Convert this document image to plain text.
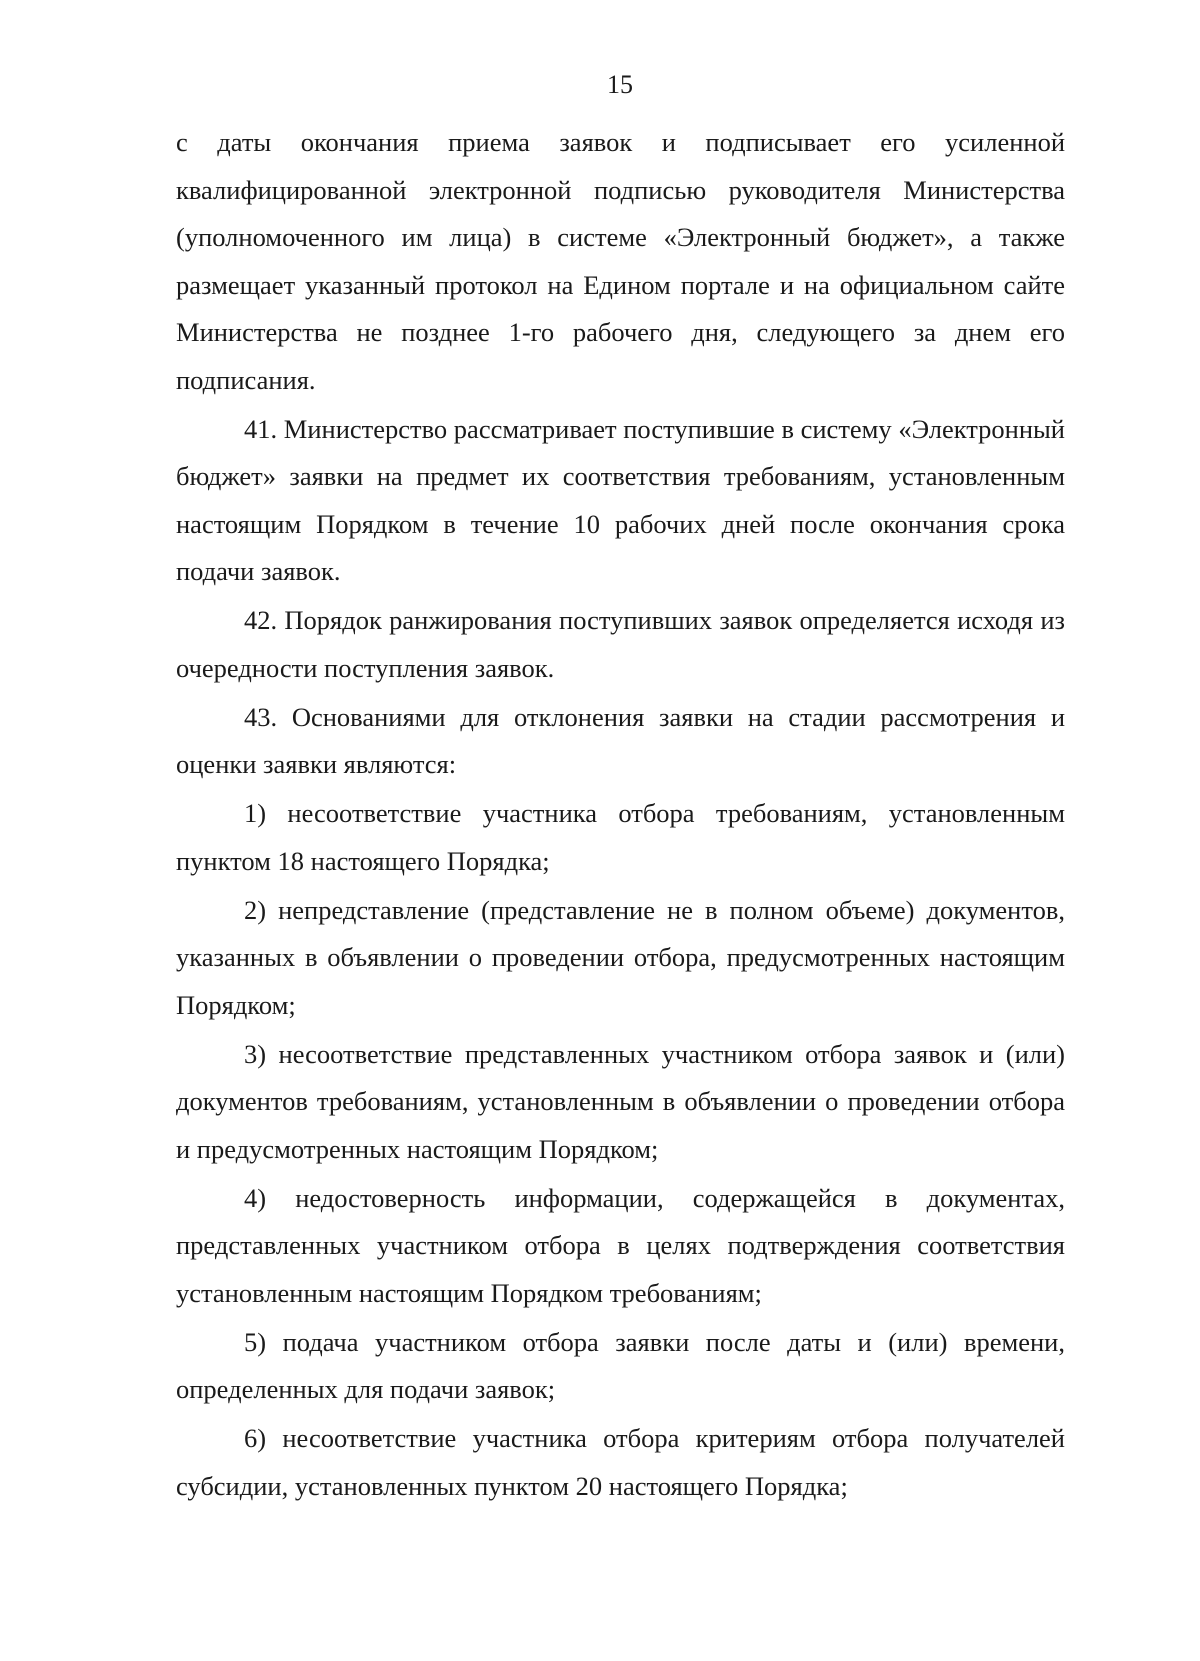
15

с даты окончания приема заявок и подписывает его усиленной квалифицированной электронной подписью руководителя Министерства (уполномоченного им лица) в системе «Электронный бюджет», а также размещает указанный протокол на Едином портале и на официальном сайте Министерства не позднее 1-го рабочего дня, следующего за днем его подписания.

41. Министерство рассматривает поступившие в систему «Электронный бюджет» заявки на предмет их соответствия требованиям, установленным настоящим Порядком в течение 10 рабочих дней после окончания срока подачи заявок.

42. Порядок ранжирования поступивших заявок определяется исходя из очередности поступления заявок.

43. Основаниями для отклонения заявки на стадии рассмотрения и оценки заявки являются:

1) несоответствие участника отбора требованиям, установленным пунктом 18 настоящего Порядка;

2) непредставление (представление не в полном объеме) документов, указанных в объявлении о проведении отбора, предусмотренных настоящим Порядком;

3) несоответствие представленных участником отбора заявок и (или) документов требованиям, установленным в объявлении о проведении отбора и предусмотренных настоящим Порядком;

4) недостоверность информации, содержащейся в документах, представленных участником отбора в целях подтверждения соответствия установленным настоящим Порядком требованиям;

5) подача участником отбора заявки после даты и (или) времени, определенных для подачи заявок;

6) несоответствие участника отбора критериям отбора получателей субсидии, установленных пунктом 20 настоящего Порядка;
